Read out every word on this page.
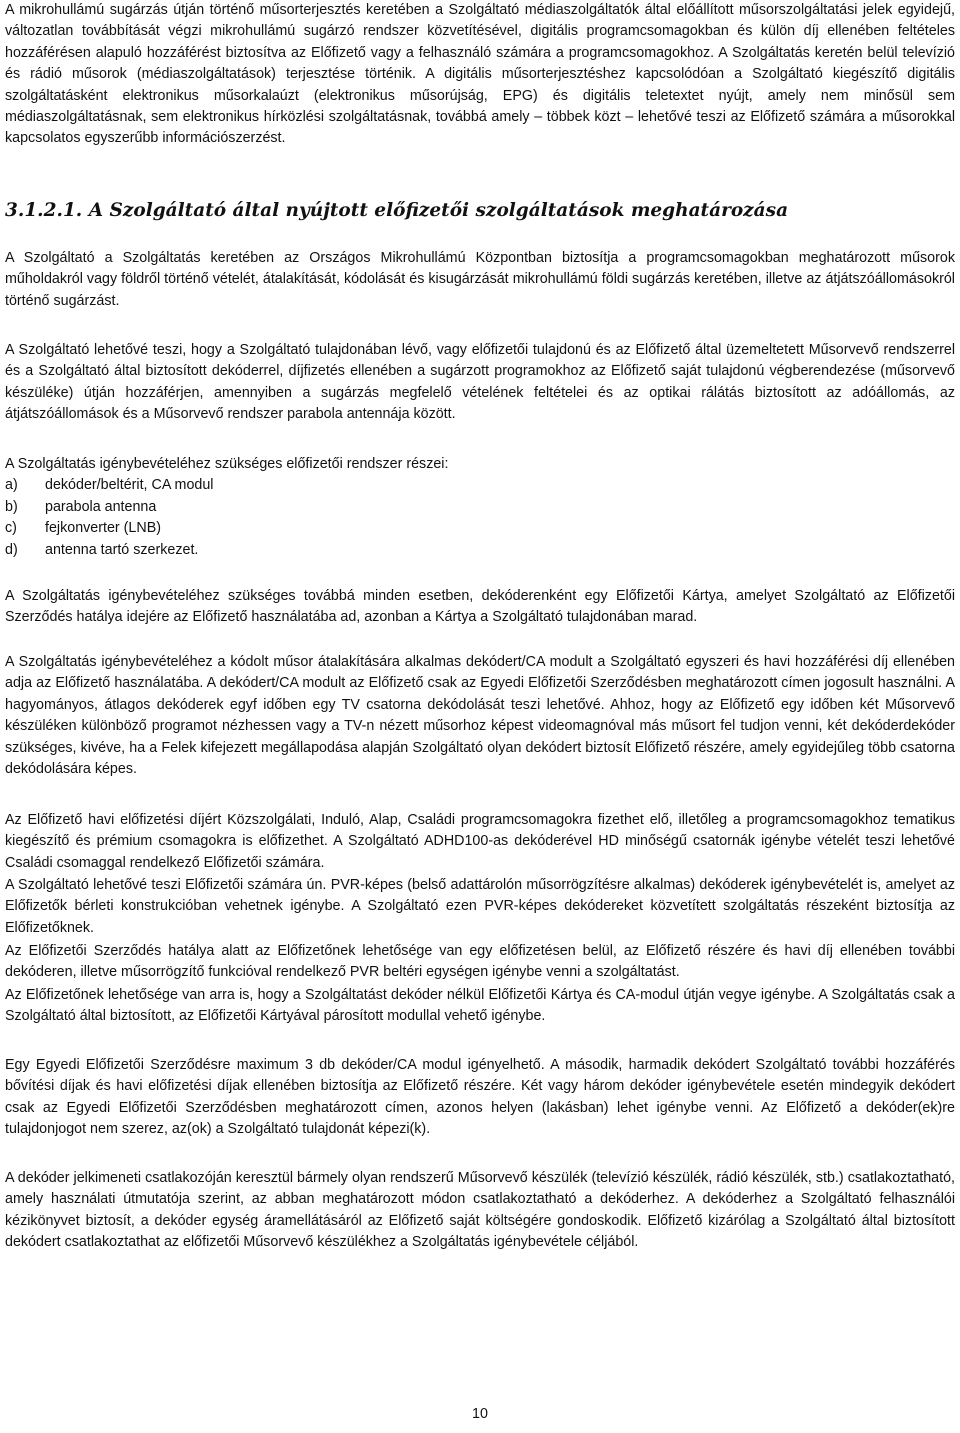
A mikrohullámú sugárzás útján történő műsorterjesztés keretében a Szolgáltató médiaszolgáltatók által előállított műsorszolgáltatási jelek egyidejű, változatlan továbbítását végzi mikrohullámú sugárzó rendszer közvetítésével, digitális programcsomagokban és külön díj ellenében feltételes hozzáférésen alapuló hozzáférést biztosítva az Előfizető vagy a felhasználó számára a programcsomagokhoz. A Szolgáltatás keretén belül televízió és rádió műsorok (médiaszolgáltatások) terjesztése történik. A digitális műsorterjesztéshez kapcsolódóan a Szolgáltató kiegészítő digitális szolgáltatásként elektronikus műsorkalaúzt (elektronikus műsorújság, EPG) és digitális teletextet nyújt, amely nem minősül sem médiaszolgáltatásnak, sem elektronikus hírközlési szolgáltatásnak, továbbá amely – többek közt – lehetővé teszi az Előfizető számára a műsorokkal kapcsolatos egyszerűbb információszerzést.

3.1.2.1. A Szolgáltató által nyújtott előfizetői szolgáltatások meghatározása

A Szolgáltató a Szolgáltatás keretében az Országos Mikrohullámú Központban biztosítja a programcsomagokban meghatározott műsorok műholdakról vagy földről történő vételét, átalakítását, kódolását és kisugárzását mikrohullámú földi sugárzás keretében, illetve az átjátszóállomásokról történő sugárzást.

A Szolgáltató lehetővé teszi, hogy a Szolgáltató tulajdonában lévő, vagy előfizetői tulajdonú és az Előfizető által üzemeltetett Műsorvevő rendszerrel és a Szolgáltató által biztosított dekóderrel, díjfizetés ellenében a sugárzott programokhoz az Előfizető saját tulajdonú végberendezése (műsorvevő készüléke) útján hozzáférjen, amennyiben a sugárzás megfelelő vételének feltételei és az optikai rálátás biztosított az adóállomás, az átjátszóállomások és a Műsorvevő rendszer parabola antennája között.

A Szolgáltatás igénybevételéhez szükséges előfizetői rendszer részei:

a)	dekóder/beltérit, CA modul
b)	parabola antenna
c)	fejkonverter (LNB)
d)	antenna tartó szerkezet.

A Szolgáltatás igénybevételéhez szükséges továbbá minden esetben, dekóderenként egy Előfizetői Kártya, amelyet Szolgáltató az Előfizetői Szerződés hatálya idejére az Előfizető használatába ad, azonban a Kártya a Szolgáltató tulajdonában marad.

A Szolgáltatás igénybevételéhez a kódolt műsor átalakítására alkalmas dekódert/CA modult a Szolgáltató egyszeri és havi hozzáférési díj ellenében adja az Előfizető használatába. A dekódert/CA modult az Előfizető csak az Egyedi Előfizetői Szerződésben meghatározott címen jogosult használni. A hagyományos, átlagos dekóderek egyf időben egy TV csatorna dekódolását teszi lehetővé. Ahhoz, hogy az Előfizető egy időben két Műsorvevő készüléken különböző programot nézhessen vagy a TV-n nézett műsorhoz képest videomagnóval más műsort fel tudjon venni, két dekóderdekóder szükséges, kivéve, ha a Felek kifejezett megállapodása alapján Szolgáltató olyan dekódert biztosít Előfizető részére, amely egyidejűleg több csatorna dekódolására képes.

Az Előfizető havi előfizetési díjért Közszolgálati, Induló, Alap, Családi programcsomagokra fizethet elő, illetőleg a programcsomagokhoz tematikus kiegészítő és prémium csomagokra is előfizethet. A Szolgáltató ADHD100-as dekóderével HD minőségű csatornák igénybe vételét teszi lehetővé Családi csomaggal rendelkező Előfizetői számára.

A Szolgáltató lehetővé teszi Előfizetői számára ún. PVR-képes (belső adattárolón műsorrögzítésre alkalmas) dekóderek igénybevételét is, amelyet az Előfizetők bérleti konstrukcióban vehetnek igénybe. A Szolgáltató ezen PVR-képes dekódereket közvetített szolgáltatás részeként biztosítja az Előfizetőknek.

Az Előfizetői Szerződés hatálya alatt az Előfizetőnek lehetősége van egy előfizetésen belül, az Előfizető részére és havi díj ellenében további dekóderen, illetve műsorrögzítő funkcióval rendelkező PVR beltéri egységen igénybe venni a szolgáltatást.

Az Előfizetőnek lehetősége van arra is, hogy a Szolgáltatást dekóder nélkül Előfizetői Kártya és CA-modul útján vegye igénybe. A Szolgáltatás csak a Szolgáltató által biztosított, az Előfizetői Kártyával párosított modullal vehető igénybe.

Egy Egyedi Előfizetői Szerződésre maximum 3 db dekóder/CA modul igényelhető. A második, harmadik dekódert Szolgáltató további hozzáférés bővítési díjak és havi előfizetési díjak ellenében biztosítja az Előfizető részére. Két vagy három dekóder igénybevétele esetén mindegyik dekódert csak az Egyedi Előfizetői Szerződésben meghatározott címen, azonos helyen (lakásban) lehet igénybe venni. Az Előfizető a dekóder(ek)re tulajdonjogot nem szerez, az(ok) a Szolgáltató tulajdonát képezi(k).

A dekóder jelkimeneti csatlakozóján keresztül bármely olyan rendszerű Műsorvevő készülék (televízió készülék, rádió készülék, stb.) csatlakoztatható, amely használati útmutatója szerint, az abban meghatározott módon csatlakoztatható a dekóderhez. A dekóderhez a Szolgáltató felhasználói kézikönyvet biztosít, a dekóder egység áramellátásáról az Előfizető saját költségére gondoskodik. Előfizető kizárólag a Szolgáltató által biztosított dekódert csatlakoztathat az előfizetői Műsorvevő készülékhez a Szolgáltatás igénybevétele céljából.

10
